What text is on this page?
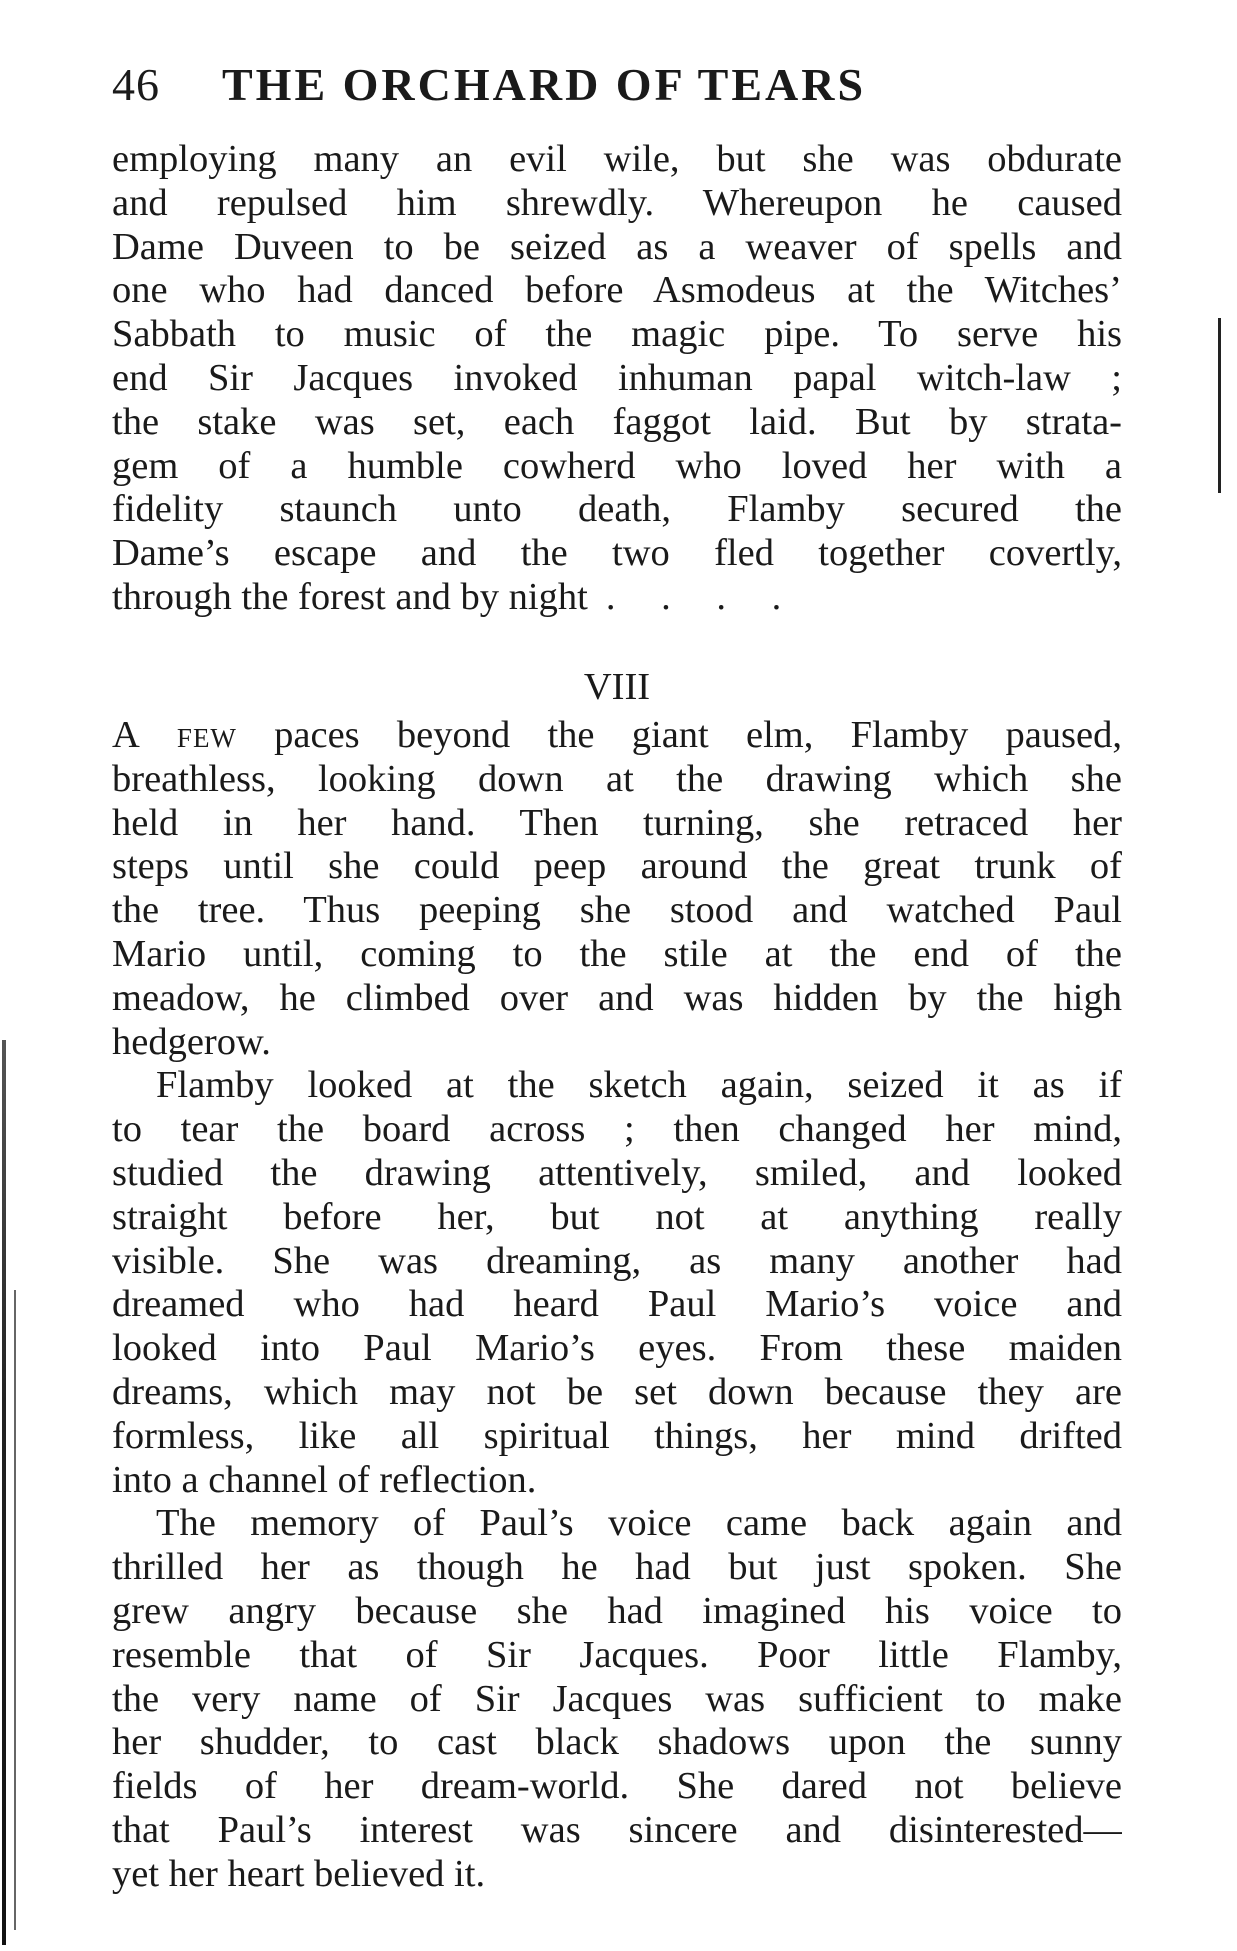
46	THE ORCHARD OF TEARS
employing many an evil wile, but she was obdurate
and repulsed him shrewdly. Whereupon he caused
Dame Duveen to be seized as a weaver of spells and
one who had danced before Asmodeus at the Witches’
Sabbath to music of the magic pipe. To serve his
end Sir Jacques invoked inhuman papal witch-law ;
the stake was set, each faggot laid. But by strata-
gem of a humble cowherd who loved her with a
fidelity staunch unto death, Flamby secured the
Dame’s escape and the two fled together covertly,
through the forest and by night . . . .
VIII
A few paces beyond the giant elm, Flamby paused,
breathless, looking down at the drawing which she
held in her hand. Then turning, she retraced her
steps until she could peep around the great trunk of
the tree. Thus peeping she stood and watched Paul
Mario until, coming to the stile at the end of the
meadow, he climbed over and was hidden by the high
hedgerow.
Flamby looked at the sketch again, seized it as if
to tear the board across ; then changed her mind,
studied the drawing attentively, smiled, and looked
straight before her, but not at anything really
visible. She was dreaming, as many another had
dreamed who had heard Paul Mario’s voice and
looked into Paul Mario’s eyes. From these maiden
dreams, which may not be set down because they are
formless, like all spiritual things, her mind drifted
into a channel of reflection.
The memory of Paul’s voice came back again and
thrilled her as though he had but just spoken. She
grew angry because she had imagined his voice to
resemble that of Sir Jacques. Poor little Flamby,
the very name of Sir Jacques was sufficient to make
her shudder, to cast black shadows upon the sunny
fields of her dream-world. She dared not believe
that Paul’s interest was sincere and disinterested—
yet her heart believed it.
